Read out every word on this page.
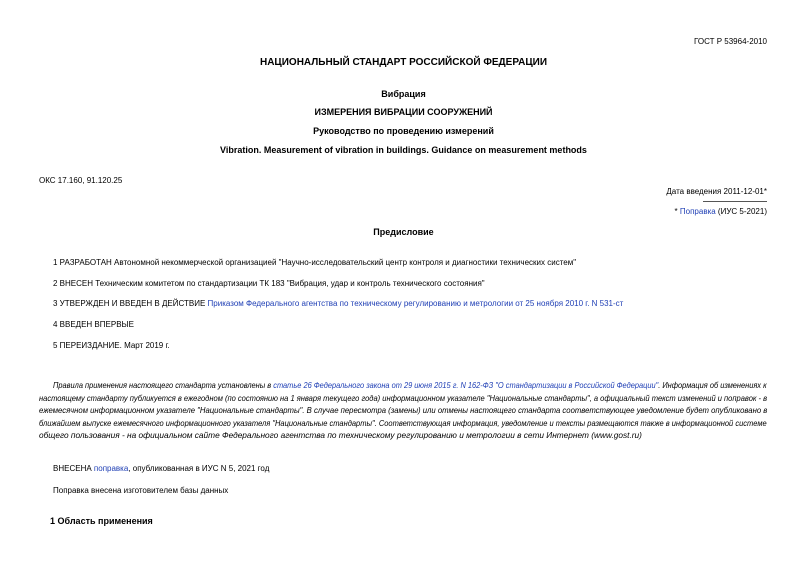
ГОСТ Р 53964-2010
НАЦИОНАЛЬНЫЙ СТАНДАРТ РОССИЙСКОЙ ФЕДЕРАЦИИ
Вибрация
ИЗМЕРЕНИЯ ВИБРАЦИИ СООРУЖЕНИЙ
Руководство по проведению измерений
Vibration. Measurement of vibration in buildings. Guidance on measurement methods
ОКС 17.160, 91.120.25
Дата введения 2011-12-01*
* Поправка (ИУС 5-2021)
Предисловие
1 РАЗРАБОТАН Автономной некоммерческой организацией "Научно-исследовательский центр контроля и диагностики технических систем"
2 ВНЕСЕН Техническим комитетом по стандартизации ТК 183 "Вибрация, удар и контроль технического состояния"
3 УТВЕРЖДЕН И ВВЕДЕН В ДЕЙСТВИЕ Приказом Федерального агентства по техническому регулированию и метрологии от 25 ноября 2010 г. N 531-ст
4 ВВЕДЕН ВПЕРВЫЕ
5 ПЕРЕИЗДАНИЕ. Март 2019 г.
Правила применения настоящего стандарта установлены в статье 26 Федерального закона от 29 июня 2015 г. N 162-ФЗ "О стандартизации в Российской Федерации". Информация об изменениях к
настоящему стандарту публикуется в ежегодном (по состоянию на 1 января текущего года) информационном указателе "Национальные стандарты", а официальный текст изменений и поправок - в
ежемесячном информационном указателе "Национальные стандарты". В случае пересмотра (замены) или отмены настоящего стандарта соответствующее уведомление будет опубликовано в
ближайшем выпуске ежемесячного информационного указателя "Национальные стандарты". Соответствующая информация, уведомление и тексты размещаются также в информационной системе
общего пользования - на официальном сайте Федерального агентства по техническому регулированию и метрологии в сети Интернет (www.gost.ru)
ВНЕСЕНА поправка, опубликованная в ИУС N 5, 2021 год
Поправка внесена изготовителем базы данных
1 Область применения
